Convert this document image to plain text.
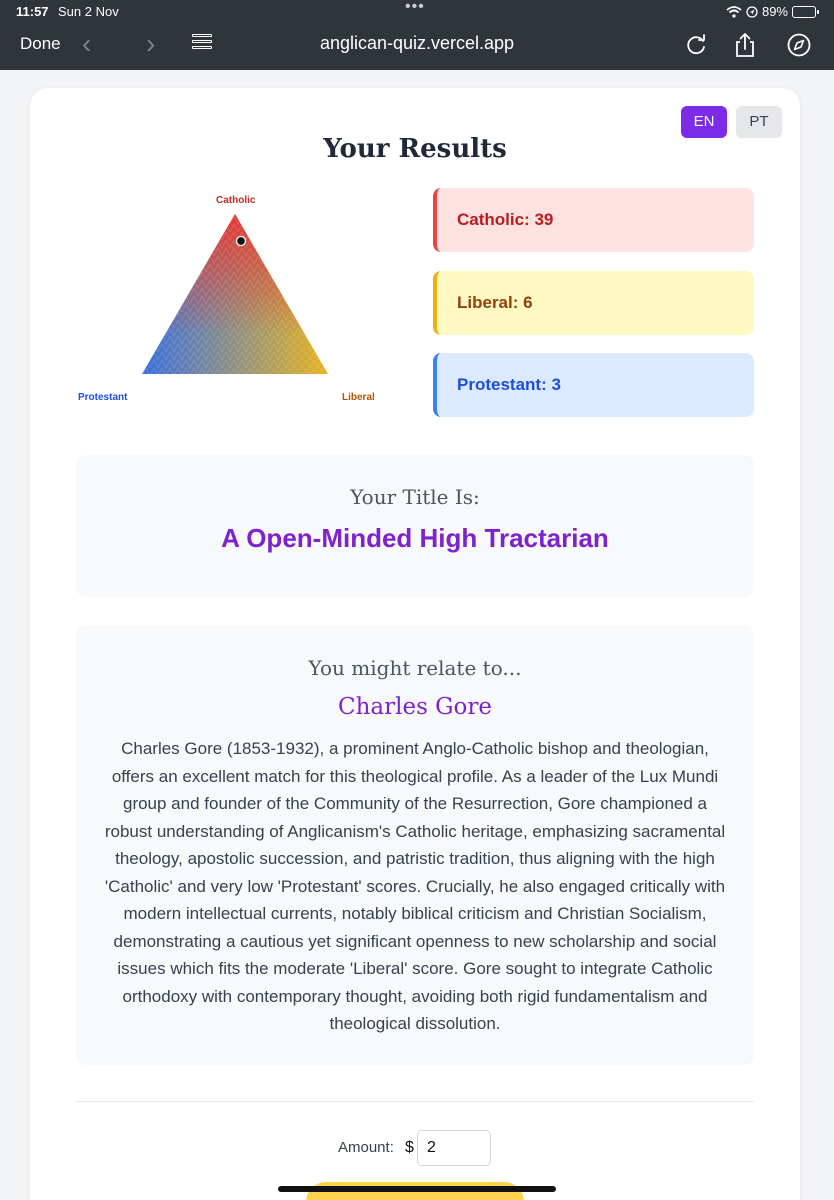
11:57 Sun 2 Nov	•••	89%
Done ‹ ›	anglican-quiz.vercel.app
EN	PT
Your Results
Catholic
Protestant	Liberal
Catholic: 39
Liberal: 6
Protestant: 3
Your Title Is:
A Open-Minded High Tractarian
You might relate to...
Charles Gore

Charles Gore (1853-1932), a prominent Anglo-Catholic bishop and theologian, offers an excellent match for this theological profile. As a leader of the Lux Mundi group and founder of the Community of the Resurrection, Gore championed a robust understanding of Anglicanism's Catholic heritage, emphasizing sacramental theology, apostolic succession, and patristic tradition, thus aligning with the high 'Catholic' and very low 'Protestant' scores. Crucially, he also engaged critically with modern intellectual currents, notably biblical criticism and Christian Socialism, demonstrating a cautious yet significant openness to new scholarship and social issues which fits the moderate 'Liberal' score. Gore sought to integrate Catholic orthodoxy with contemporary thought, avoiding both rigid fundamentalism and theological dissolution.

Amount: $
2
